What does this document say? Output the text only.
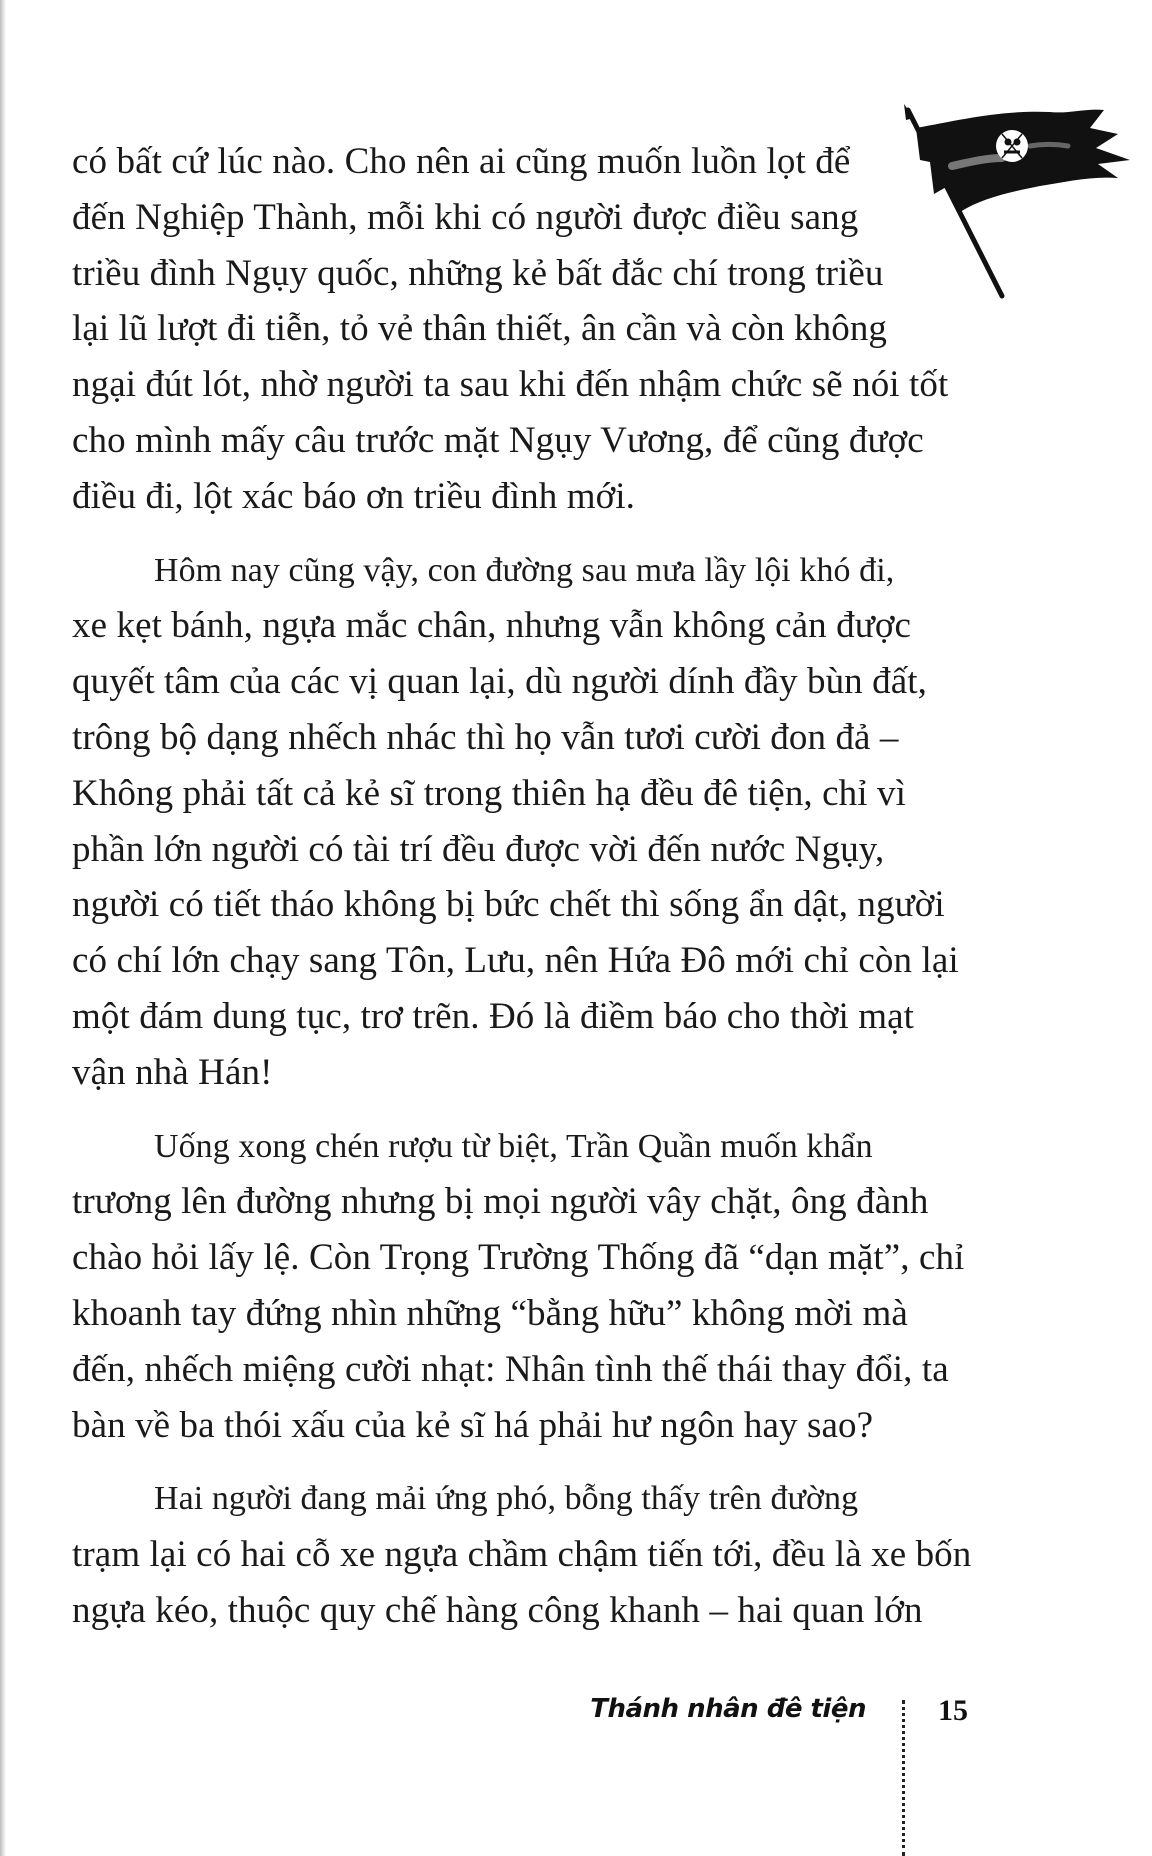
có bất cứ lúc nào. Cho nên ai cũng muốn luồn lọt để
đến Nghiệp Thành, mỗi khi có người được điều sang
triều đình Ngụy quốc, những kẻ bất đắc chí trong triều
lại lũ lượt đi tiễn, tỏ vẻ thân thiết, ân cần và còn không
ngại đút lót, nhờ người ta sau khi đến nhậm chức sẽ nói tốt
cho mình mấy câu trước mặt Ngụy Vương, để cũng được
điều đi, lột xác báo ơn triều đình mới.

Hôm nay cũng vậy, con đường sau mưa lầy lội khó đi,
xe kẹt bánh, ngựa mắc chân, nhưng vẫn không cản được
quyết tâm của các vị quan lại, dù người dính đầy bùn đất,
trông bộ dạng nhếch nhác thì họ vẫn tươi cười đon đả –
Không phải tất cả kẻ sĩ trong thiên hạ đều đê tiện, chỉ vì
phần lớn người có tài trí đều được vời đến nước Ngụy,
người có tiết tháo không bị bức chết thì sống ẩn dật, người
có chí lớn chạy sang Tôn, Lưu, nên Hứa Đô mới chỉ còn lại
một đám dung tục, trơ trẽn. Đó là điềm báo cho thời mạt
vận nhà Hán!

Uống xong chén rượu từ biệt, Trần Quần muốn khẩn
trương lên đường nhưng bị mọi người vây chặt, ông đành
chào hỏi lấy lệ. Còn Trọng Trường Thống đã “dạn mặt”, chỉ
khoanh tay đứng nhìn những “bằng hữu” không mời mà
đến, nhếch miệng cười nhạt: Nhân tình thế thái thay đổi, ta
bàn về ba thói xấu của kẻ sĩ há phải hư ngôn hay sao?

Hai người đang mải ứng phó, bỗng thấy trên đường
trạm lại có hai cỗ xe ngựa chầm chậm tiến tới, đều là xe bốn
ngựa kéo, thuộc quy chế hàng công khanh – hai quan lớn

Thánh nhân đê tiện 15
